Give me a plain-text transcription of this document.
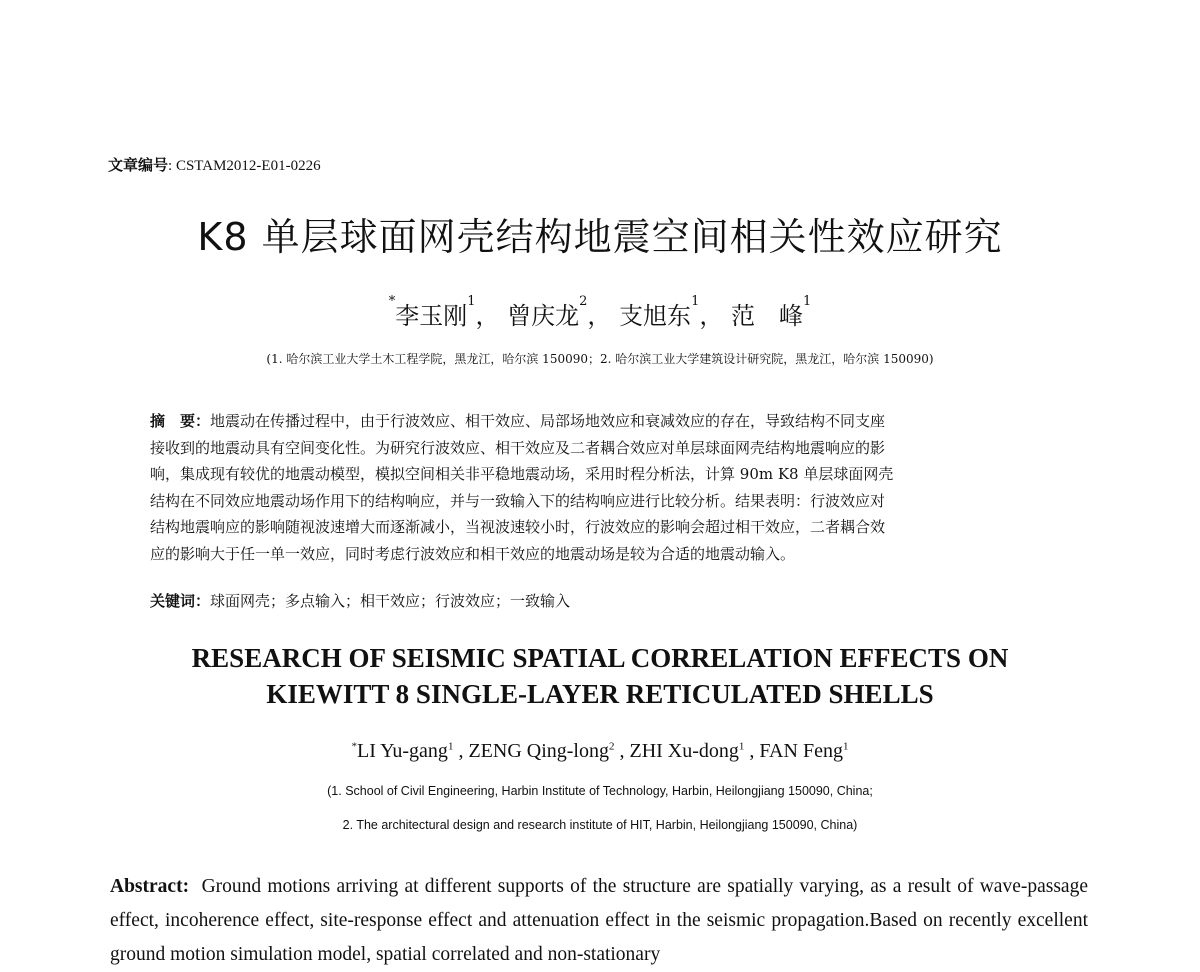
文章编号: CSTAM2012-E01-0226
K8 单层球面网壳结构地震空间相关性效应研究
*李玉刚$^1$， 曾庆龙$^2$， 支旭东$^1$， 范　峰$^1$
(1. 哈尔滨工业大学土木工程学院，黑龙江，哈尔滨 150090；2. 哈尔滨工业大学建筑设计研究院，黑龙江，哈尔滨 150090)
摘　要：地震动在传播过程中，由于行波效应、相干效应、局部场地效应和衰减效应的存在，导致结构不同支座
接收到的地震动具有空间变化性。为研究行波效应、相干效应及二者耦合效应对单层球面网壳结构地震响应的影
响，集成现有较优的地震动模型，模拟空间相关非平稳地震动场，采用时程分析法，计算 90m K8 单层球面网壳
结构在不同效应地震动场作用下的结构响应，并与一致输入下的结构响应进行比较分析。结果表明：行波效应对
结构地震响应的影响随视波速增大而逐渐减小，当视波速较小时，行波效应的影响会超过相干效应，二者耦合效
应的影响大于任一单一效应，同时考虑行波效应和相干效应的地震动场是较为合适的地震动输入。
关键词：球面网壳；多点输入；相干效应；行波效应；一致输入
RESEARCH OF SEISMIC SPATIAL CORRELATION EFFECTS ON
KIEWITT 8 SINGLE-LAYER RETICULATED SHELLS
*LI Yu-gang$^1$ , ZENG Qing-long$^2$ , ZHI Xu-dong$^1$ , FAN Feng$^1$
(1. School of Civil Engineering, Harbin Institute of Technology, Harbin, Heilongjiang 150090, China;
2. The architectural design and research institute of HIT, Harbin, Heilongjiang 150090, China)
Abstract: Ground motions arriving at different supports of the structure are spatially varying, as a result of wave-passage effect, incoherence effect, site-response effect and attenuation effect in the seismic propagation.Based on recently excellent ground motion simulation model, spatial correlated and non-stationary
